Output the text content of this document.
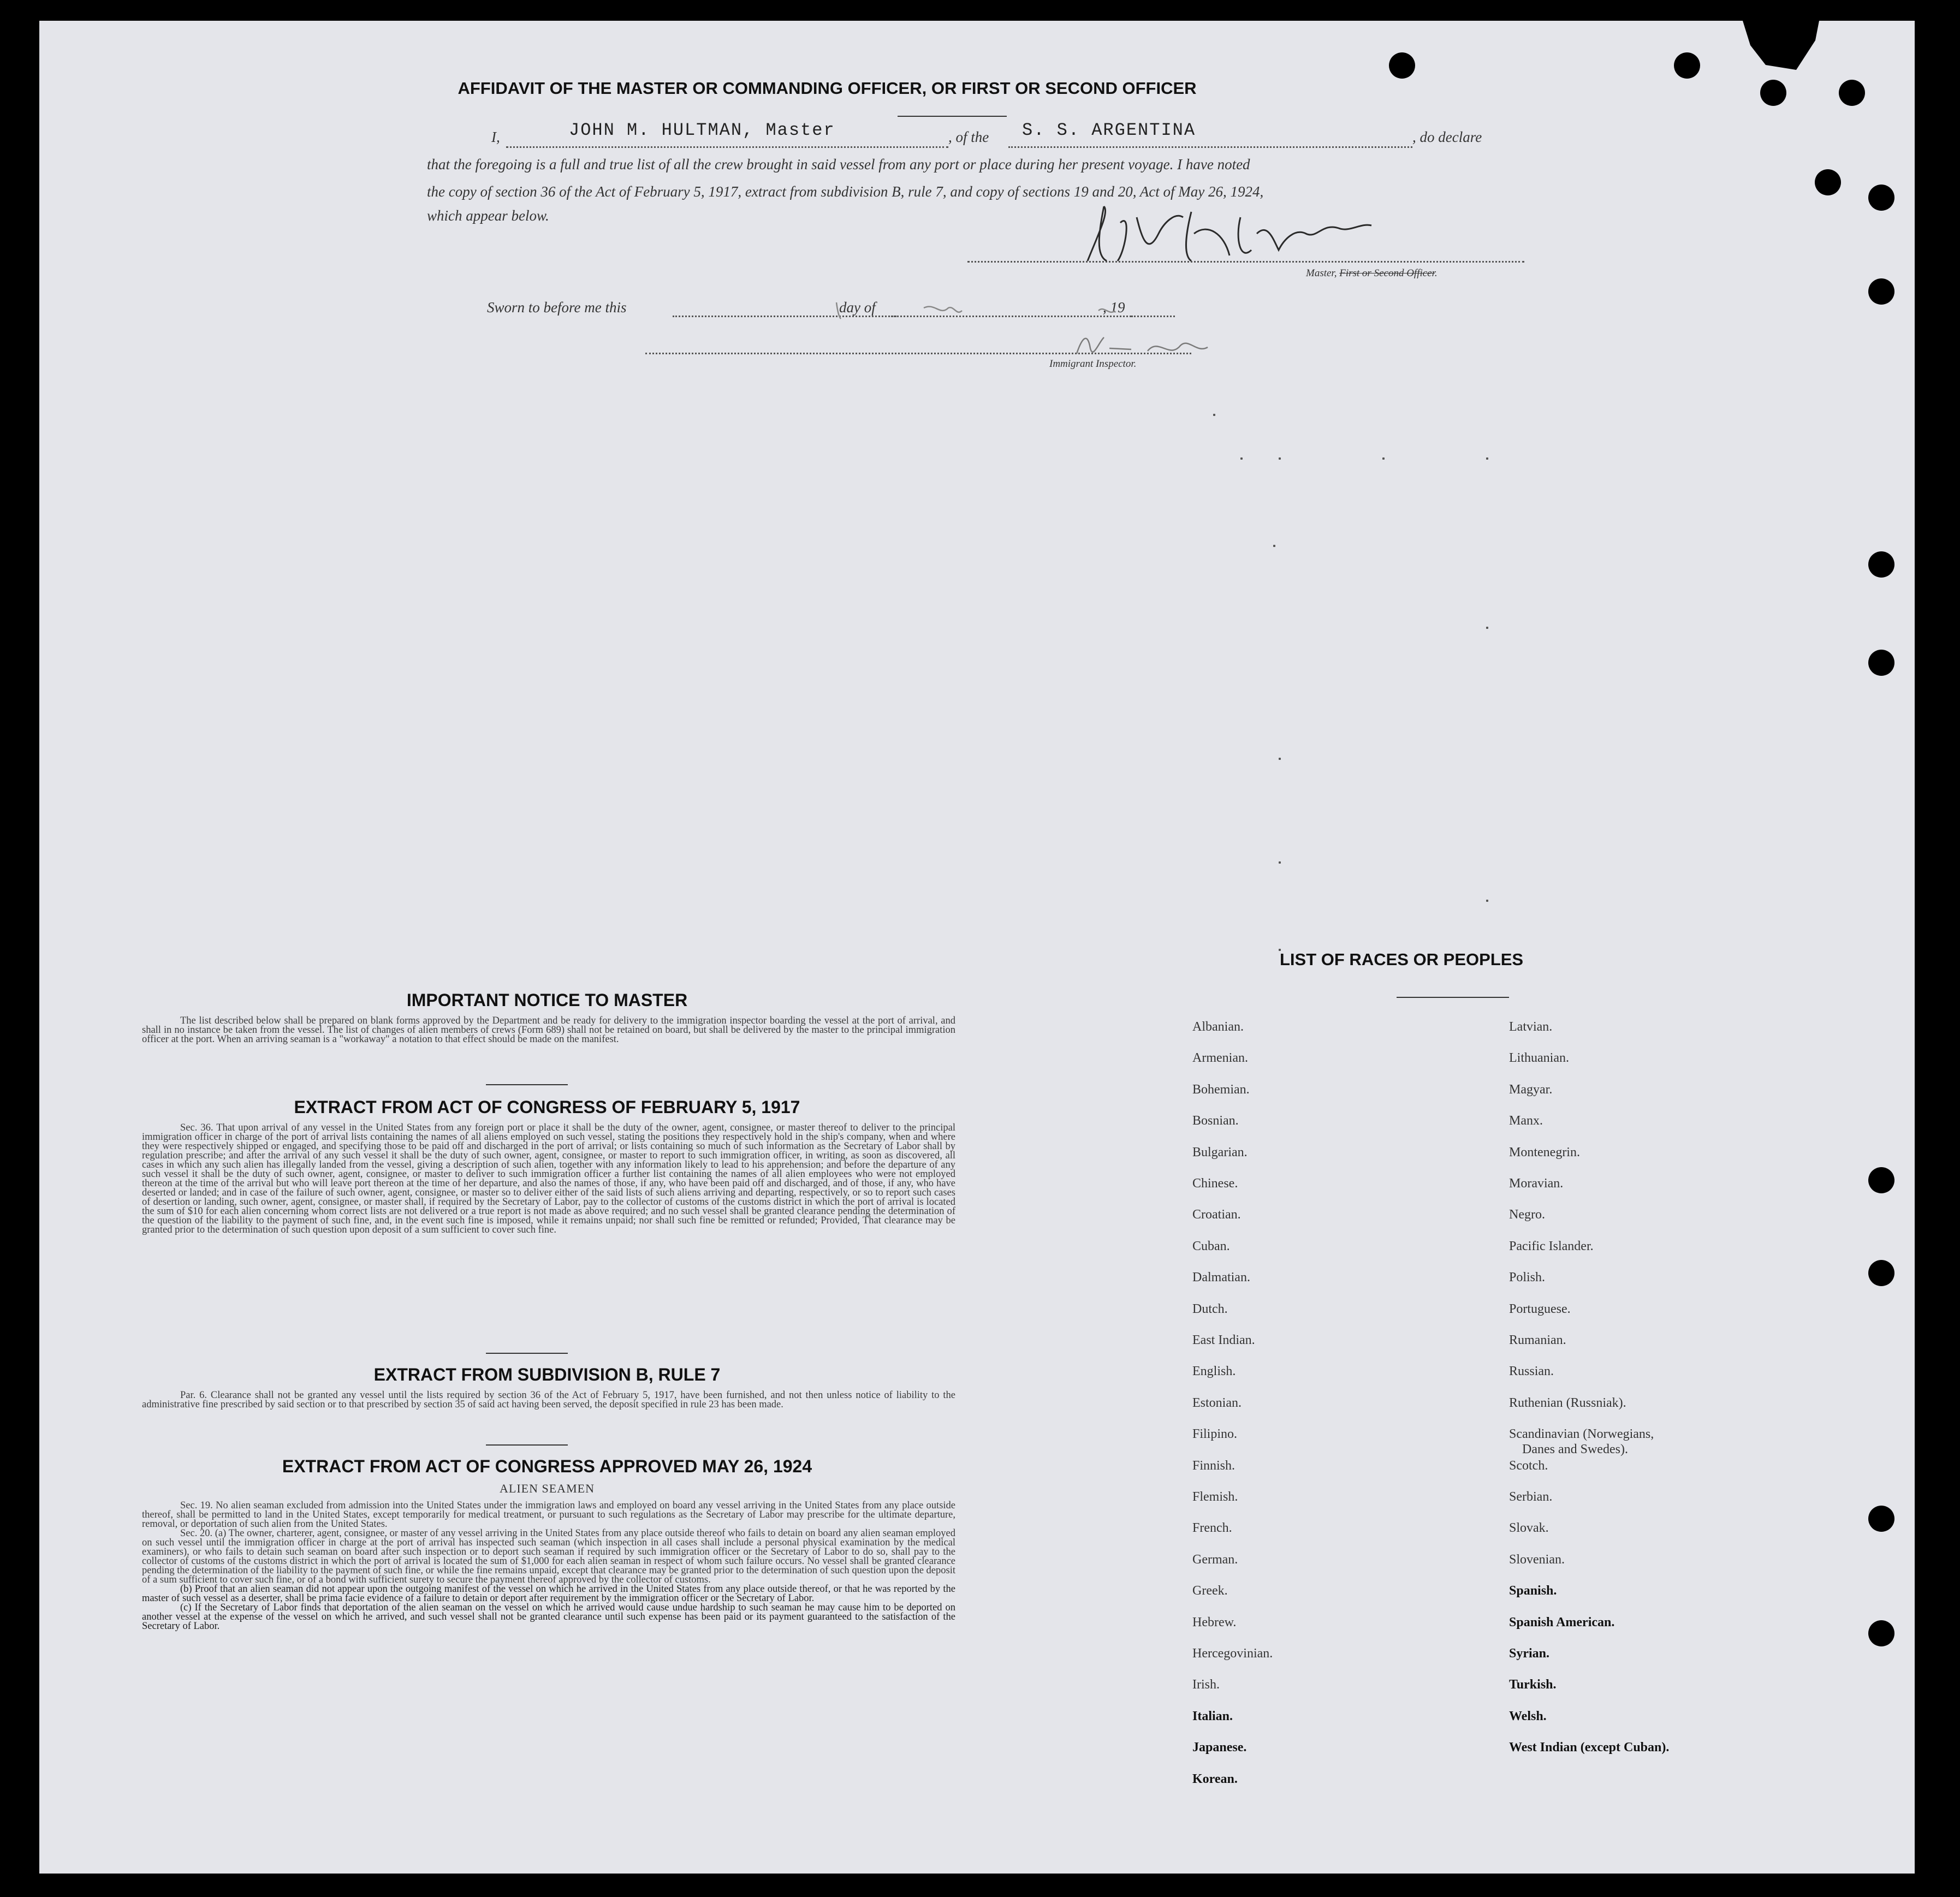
AFFIDAVIT OF THE MASTER OR COMMANDING OFFICER, OR FIRST OR SECOND OFFICER
I,	JOHN M. HULTMAN, Master	, of the S. S. ARGENTINA	, do declare
that the foregoing is a full and true list of all the crew brought in said vessel from any port or place during her present voyage. I have noted
the copy of section 36 of the Act of February 5, 1917, extract from subdivision B, rule 7, and copy of sections 19 and 20, Act of May 26, 1924,
which appear below.
Master, First or Second Officer.
Sworn to before me this	day of	, 19
Immigrant Inspector.
IMPORTANT NOTICE TO MASTER

The list described below shall be prepared on blank forms approved by the Department and be ready for delivery to the immigration inspector boarding the vessel at the port of arrival, and shall in no instance be taken from the vessel. The list of changes of alien members of crews (Form 689) shall not be retained on board, but shall be delivered by the master to the principal immigration officer at the port. When an arriving seaman is a "workaway" a notation to that effect should be made on the manifest.

EXTRACT FROM ACT OF CONGRESS OF FEBRUARY 5, 1917

Sec. 36. That upon arrival of any vessel in the United States from any foreign port or place it shall be the duty of the owner, agent, consignee, or master thereof to deliver to the principal immigration officer in charge of the port of arrival lists containing the names of all aliens employed on such vessel, stating the positions they respectively hold in the ship's company, when and where they were respectively shipped or engaged, and specifying those to be paid off and discharged in the port of arrival; or lists containing so much of such information as the Secretary of Labor shall by regulation prescribe; and after the arrival of any such vessel it shall be the duty of such owner, agent, consignee, or master to report to such immigration officer, in writing, as soon as discovered, all cases in which any such alien has illegally landed from the vessel, giving a description of such alien, together with any information likely to lead to his apprehension; and before the departure of any such vessel it shall be the duty of such owner, agent, consignee, or master to deliver to such immigration officer a further list containing the names of all alien employees who were not employed thereon at the time of the arrival but who will leave port thereon at the time of her departure, and also the names of those, if any, who have been paid off and discharged, and of those, if any, who have deserted or landed; and in case of the failure of such owner, agent, consignee, or master so to deliver either of the said lists of such aliens arriving and departing, respectively, or so to report such cases of desertion or landing, such owner, agent, consignee, or master shall, if required by the Secretary of Labor, pay to the collector of customs of the customs district in which the port of arrival is located the sum of $10 for each alien concerning whom correct lists are not delivered or a true report is not made as above required; and no such vessel shall be granted clearance pending the determination of the question of the liability to the payment of such fine, and, in the event such fine is imposed, while it remains unpaid; nor shall such fine be remitted or refunded; Provided, That clearance may be granted prior to the determination of such question upon deposit of a sum sufficient to cover such fine.

EXTRACT FROM SUBDIVISION B, RULE 7

Par. 6. Clearance shall not be granted any vessel until the lists required by section 36 of the Act of February 5, 1917, have been furnished, and not then unless notice of liability to the administrative fine prescribed by said section or to that prescribed by section 35 of said act having been served, the deposit specified in rule 23 has been made.

EXTRACT FROM ACT OF CONGRESS APPROVED MAY 26, 1924
ALIEN SEAMEN

Sec. 19. No alien seaman excluded from admission into the United States under the immigration laws and employed on board any vessel arriving in the United States from any place outside thereof, shall be permitted to land in the United States, except temporarily for medical treatment, or pursuant to such regulations as the Secretary of Labor may prescribe for the ultimate departure, removal, or deportation of such alien from the United States.

Sec. 20. (a) The owner, charterer, agent, consignee, or master of any vessel arriving in the United States from any place outside thereof who fails to detain on board any alien seaman employed on such vessel until the immigration officer in charge at the port of arrival has inspected such seaman (which inspection in all cases shall include a personal physical examination by the medical examiners), or who fails to detain such seaman on board after such inspection or to deport such seaman if required by such immigration officer or the Secretary of Labor to do so, shall pay to the collector of customs of the customs district in which the port of arrival is located the sum of $1,000 for each alien seaman in respect of whom such failure occurs. No vessel shall be granted clearance pending the determination of the liability to the payment of such fine, or while the fine remains unpaid, except that clearance may be granted prior to the determination of such question upon the deposit of a sum sufficient to cover such fine, or of a bond with sufficient surety to secure the payment thereof approved by the collector of customs.

(b) Proof that an alien seaman did not appear upon the outgoing manifest of the vessel on which he arrived in the United States from any place outside thereof, or that he was reported by the master of such vessel as a deserter, shall be prima facie evidence of a failure to detain or deport after requirement by the immigration officer or the Secretary of Labor.

(c) If the Secretary of Labor finds that deportation of the alien seaman on the vessel on which he arrived would cause undue hardship to such seaman he may cause him to be deported on another vessel at the expense of the vessel on which he arrived, and such vessel shall not be granted clearance until such expense has been paid or its payment guaranteed to the satisfaction of the Secretary of Labor.

LIST OF RACES OR PEOPLES
Albanian.
Armenian.
Bohemian.
Bosnian.
Bulgarian.
Chinese.
Croatian.
Cuban.
Dalmatian.
Dutch.
East Indian.
English.
Estonian.
Filipino.
Finnish.
Flemish.
French.
German.
Greek.
Hebrew.
Hercegovinian.
Irish.
Italian.
Japanese.
Korean.
Latvian.
Lithuanian.
Magyar.
Manx.
Montenegrin.
Moravian.
Negro.
Pacific Islander.
Polish.
Portuguese.
Rumanian.
Russian.
Ruthenian (Russniak).
Scandinavian (Norwegians,
Danes and Swedes).
Scotch.
Serbian.
Slovak.
Slovenian.
Spanish.
Spanish American.
Syrian.
Turkish.
Welsh.
West Indian (except Cuban).
